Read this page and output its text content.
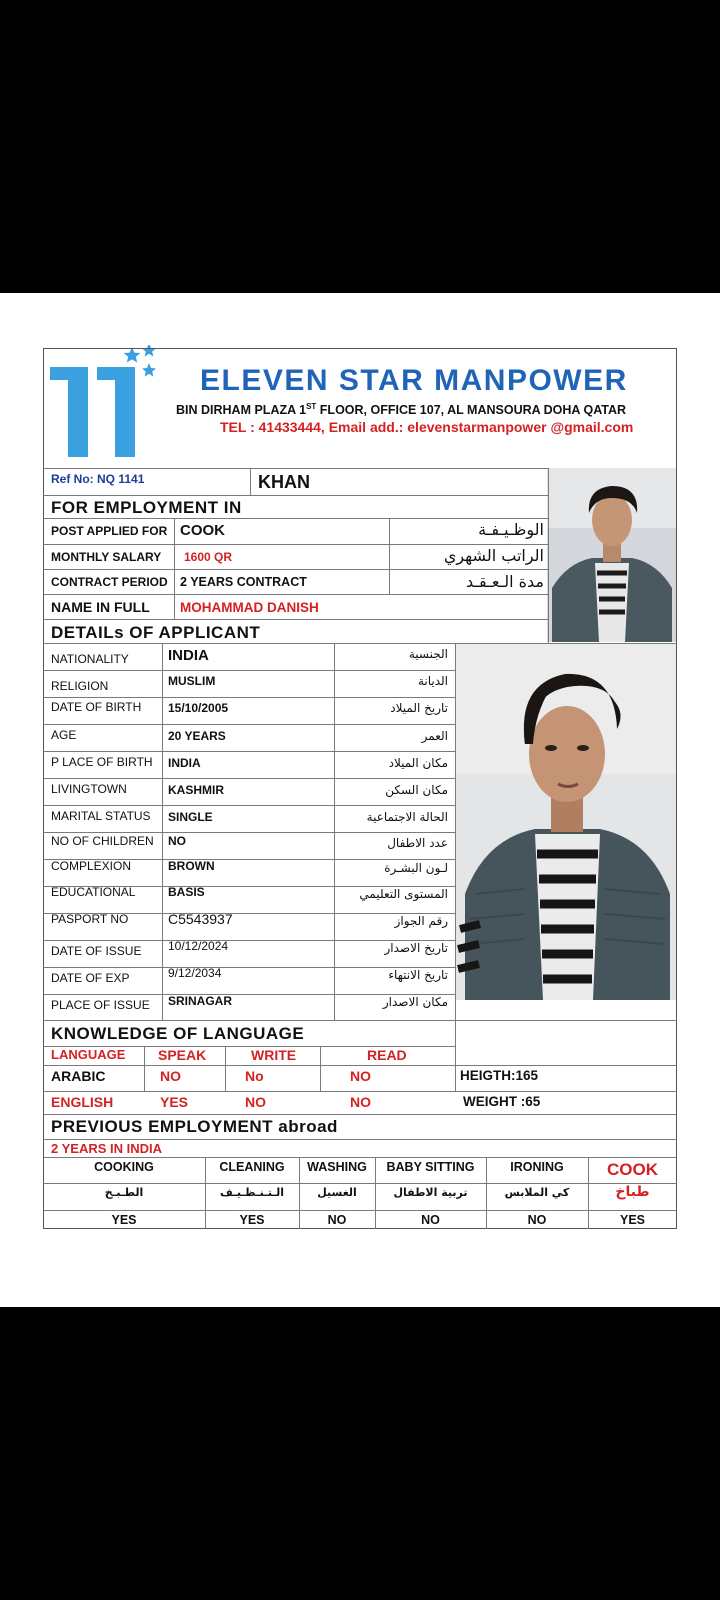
ELEVEN STAR MANPOWER
BIN DIRHAM PLAZA 1ST FLOOR, OFFICE 107, AL MANSOURA DOHA QATAR
TEL : 41433444, Email add.: elevenstarmanpower @gmail.com
Ref No: NQ 1141	KHAN
FOR EMPLOYMENT IN
POST APPLIED FOR COOK	الوظـيـفـة
MONTHLY SALARY 1600 QR	الراتب الشهري
CONTRACT PERIOD 2 YEARS CONTRACT	مدة الـعـقـد
NAME IN FULL MOHAMMAD DANISH
DETAILs OF APPLICANT
NATIONALITY	INDIA	الجنسية
RELIGION	MUSLIM	الديانة
DATE OF BIRTH 15/10/2005	تاريخ الميلاد
AGE	20 YEARS	العمر
P LACE OF BIRTH INDIA	مكان الميلاد
LIVINGTOWN	KASHMIR	مكان السكن
MARITAL STATUS SINGLE	الحالة الاجتماعية
NO OF CHILDREN NO	عدد الاطفال
COMPLEXION	BROWN	لـون البشـرة
EDUCATIONAL	BASIS	المستوى التعليمي
PASPORT NO	C5543937	رقم الجواز
DATE OF ISSUE 10/12/2024	تاريخ الاصدار
DATE OF EXP	9/12/2034	تاريخ الانتهاء
PLACE OF ISSUE SRINAGAR	مكان الاصدار
KNOWLEDGE OF LANGUAGE
LANGUAGE SPEAK	WRITE	READ
ARABIC	NO	No	NO	HEIGTH:165
ENGLISH	YES	NO	NO	WEIGHT :65
PREVIOUS EMPLOYMENT abroad
2 YEARS IN INDIA
COOKING	CLEANING	WASHING	BABY SITTING	IRONING	COOK
الطـبـخ	الـتـنـظـيـف	الغسيل	تربية الاطفال	كي الملابس	طباخ
YES	YES	NO	NO	NO	YES
